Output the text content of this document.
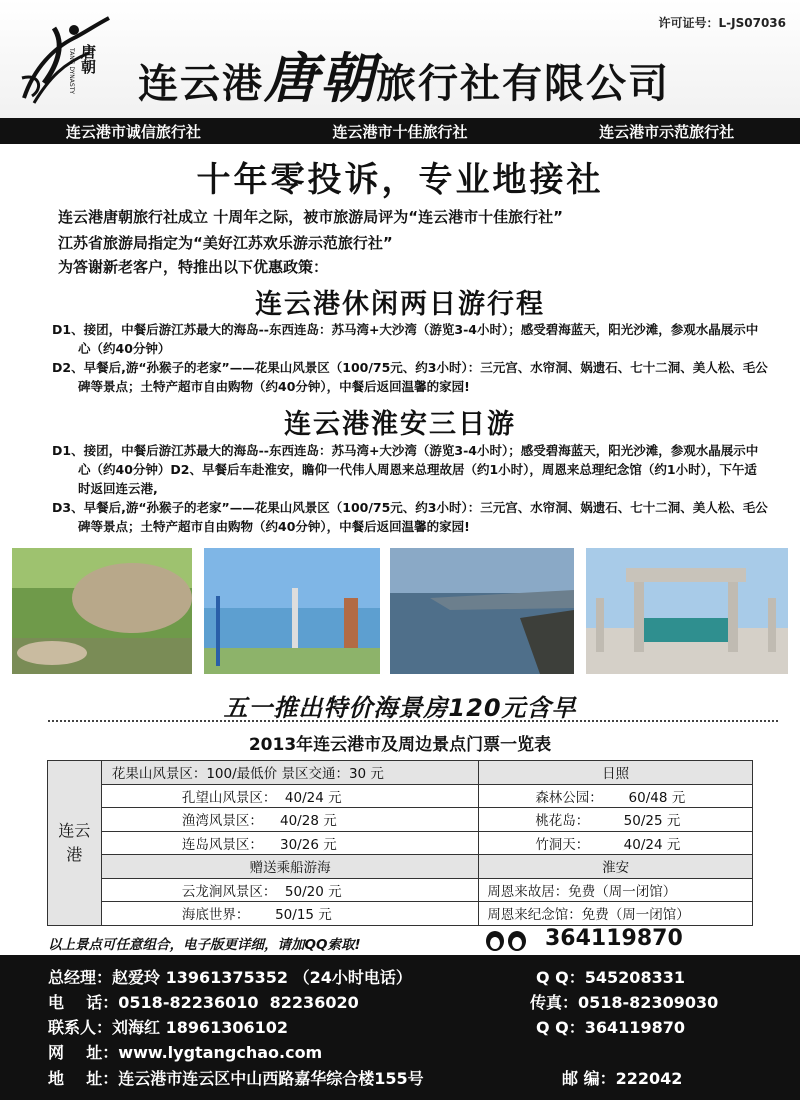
唐朝
TANG DYNASTY
许可证号：L-JS07036
连云港唐朝旅行社有限公司
连云港市诚信旅行社	连云港市十佳旅行社	连云港市示范旅行社
十年零投诉，专业地接社
连云港唐朝旅行社成立 十周年之际，被市旅游局评为“连云港市十佳旅行社”
江苏省旅游局指定为“美好江苏欢乐游示范旅行社”
为答谢新老客户，特推出以下优惠政策：
连云港休闲两日游行程

D1、接团，中餐后游江苏最大的海岛--东西连岛：苏马湾+大沙湾（游览3-4小时）；感受碧海蓝天，阳光沙滩，参观水晶展示中心（约40分钟）

D2、早餐后,游“孙猴子的老家”——花果山风景区（100/75元、约3小时）：三元宫、水帘洞、娲遗石、七十二洞、美人松、毛公碑等景点；土特产超市自由购物（约40分钟），中餐后返回温馨的家园!

连云港淮安三日游

D1、接团，中餐后游江苏最大的海岛--东西连岛：苏马湾+大沙湾（游览3-4小时）；感受碧海蓝天，阳光沙滩，参观水晶展示中心（约40分钟）D2、早餐后车赴淮安，瞻仰一代伟人周恩来总理故居（约1小时），周恩来总理纪念馆（约1小时），下午适时返回连云港,

D3、早餐后,游“孙猴子的老家”——花果山风景区（100/75元、约3小时）：三元宫、水帘洞、娲遗石、七十二洞、美人松、毛公碑等景点；土特产超市自由购物（约40分钟），中餐后返回温馨的家园!

五一推出特价海景房120元含早
2013年连云港市及周边景点门票一览表
连云港	花果山风景区：100/最低价 景区交通：30 元	日照
	孔望山风景区：  40/24 元	森林公园：      60/48 元
	渔湾风景区：    40/28 元	桃花岛：        50/25 元
	连岛风景区：    30/26 元	竹洞天：        40/24 元
	赠送乘船游海	淮安
	云龙涧风景区：  50/20 元	周恩来故居：免费（周一闭馆）
	海底世界：      50/15 元	周恩来纪念馆：免费（周一闭馆）
以上景点可任意组合，电子版更详细，请加QQ索取!	364119870
总经理：赵爱玲 13961375352 （24小时电话）	Q Q：545208331
电    话：0518-82236010  82236020	传真：0518-82309030
联系人：刘海红 18961306102	Q Q：364119870
网    址：www.lygtangchao.com
地    址：连云港市连云区中山西路嘉华综合楼155号	邮 编：222042
